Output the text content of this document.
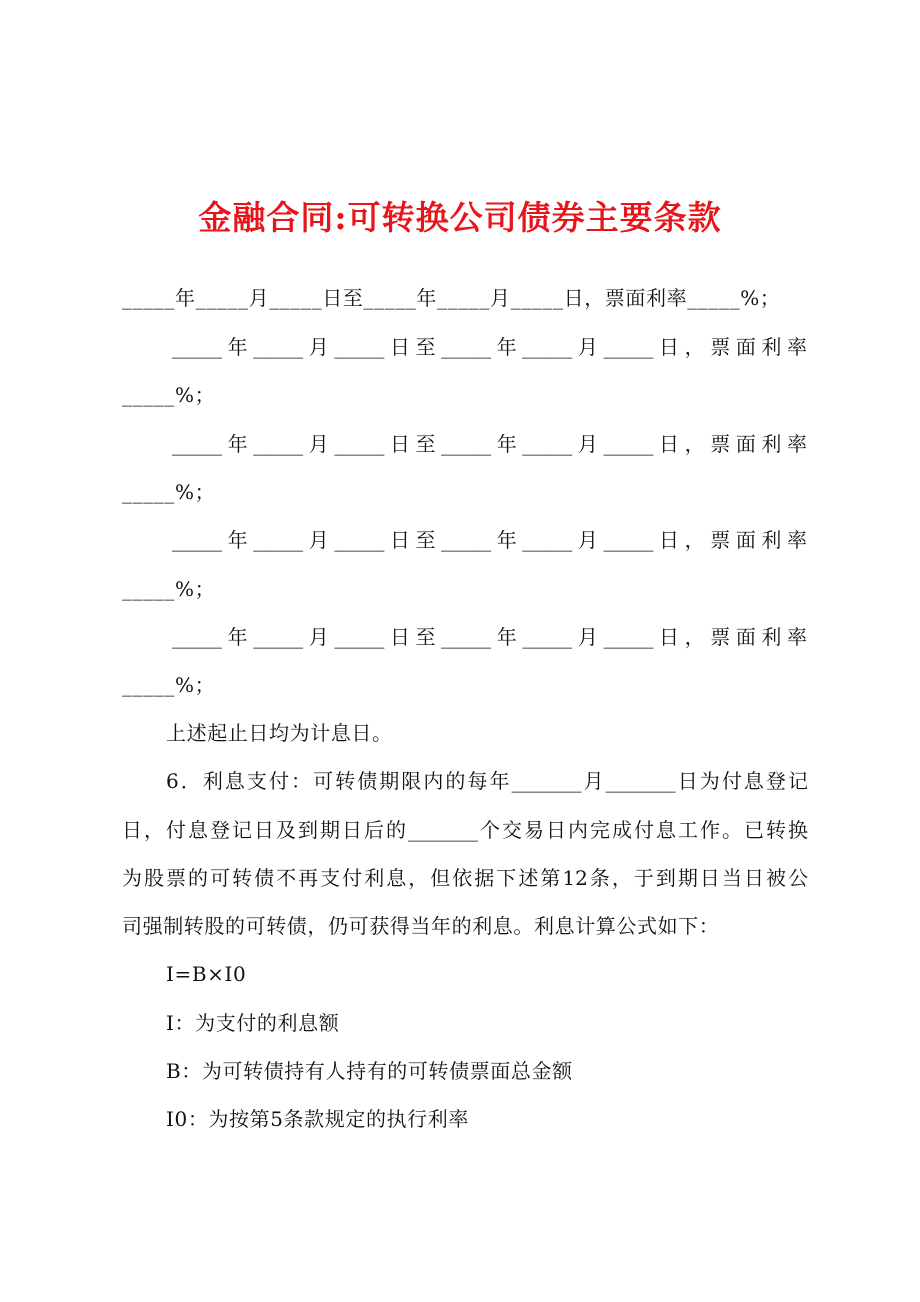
金融合同:可转换公司债券主要条款
_____年_____月_____日至_____年_____月_____日，票面利率_____%；
_____年_____月_____日至_____年_____月_____日，票面利率
_____%；
_____年_____月_____日至_____年_____月_____日，票面利率
_____%；
_____年_____月_____日至_____年_____月_____日，票面利率
_____%；
_____年_____月_____日至_____年_____月_____日，票面利率
_____%；
上述起止日均为计息日。
6．利息支付：可转债期限内的每年_______月_______日为付息登记
日，付息登记日及到期日后的_______个交易日内完成付息工作。已转换
为股票的可转债不再支付利息，但依据下述第12条，于到期日当日被公
司强制转股的可转债，仍可获得当年的利息。利息计算公式如下：
I=B×I0
I：为支付的利息额
B：为可转债持有人持有的可转债票面总金额
I0：为按第5条款规定的执行利率
